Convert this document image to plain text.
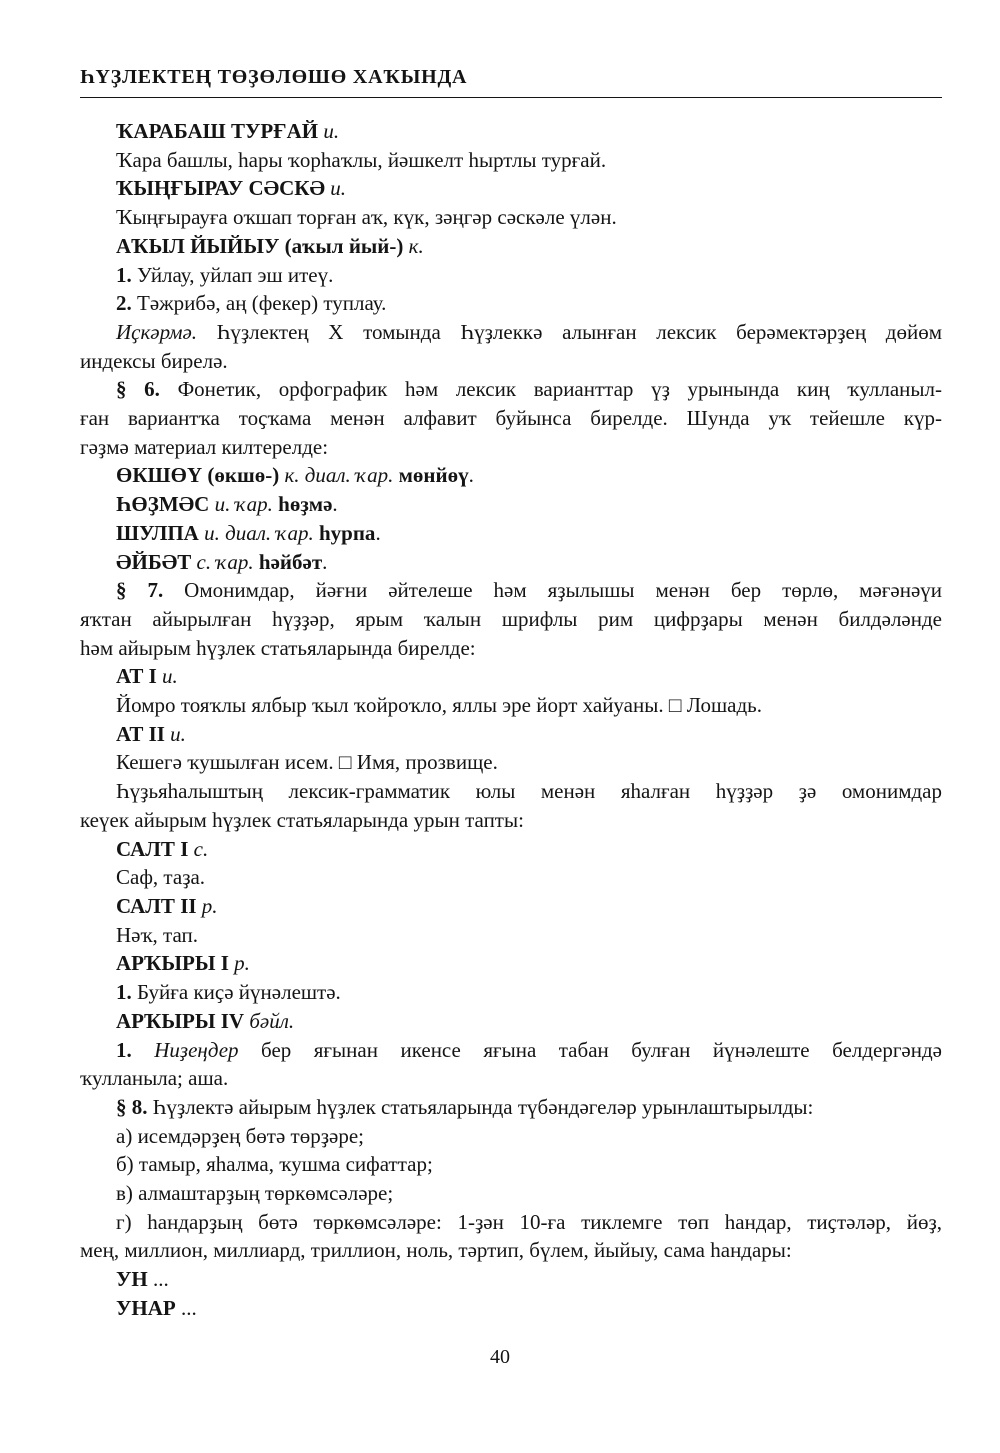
ҺҮҘЛЕКТЕҢ ТӨҘӨЛӨШӨ ХАҠЫНДА
ҠАРАБАШ ТУРҒАЙ и.
Ҡара башлы, һары ҡорһаҡлы, йәшкелт һыртлы турғай.
ҠЫҢҒЫРАУ СӘСКӘ и.
Ҡыңғырауға оҡшап торған аҡ, күк, зәңгәр сәскәле үлән.
АҠЫЛ ЙЫЙЫУ (аҡыл йый-) к.
1. Уйлау, уйлап эш итеү.
2. Тәжрибә, аң (фекер) туплау.
Иҫкәрмә. Һүҙлектең X томында Һүҙлеккә алынған лексик берәмектәрҙең дөйөм
индексы бирелә.
§ 6. Фонетик, орфографик һәм лексик варианттар үҙ урынында киң ҡулланыл-
ған вариантҡа тоҫҡама менән алфавит буйынса бирелде. Шунда уҡ тейешле күр-
гәҙмә материал килтерелде:
ӨКШӨҮ (өкшө-) к. диал. ҡар. мөнйөү.
ҺӨҘМӘС и. ҡар. һөҙмә.
ШУЛПА и. диал. ҡар. һурпа.
ӘЙБӘТ с. ҡар. һәйбәт.
§ 7. Омонимдар, йәғни әйтелеше һәм яҙылышы менән бер төрлө, мәғәнәүи
яҡтан айырылған һүҙҙәр, ярым ҡалын шрифлы рим цифрҙары менән билдәләнде
һәм айырым һүҙлек статьяларында бирелде:
АТ I и.
Йомро тояҡлы ялбыр ҡыл ҡойроҡло, яллы эре йорт хайуаны. □ Лошадь.
АТ II и.
Кешегә ҡушылған исем. □ Имя, прозвище.
Һүҙьяһалыштың лексик-грамматик юлы менән яһалған һүҙҙәр ҙә омонимдар
кеүек айырым һүҙлек статьяларында урын тапты:
САЛТ I с.
Саф, таҙа.
САЛТ II р.
Нәҡ, тап.
АРҠЫРЫ I р.
1. Буйға киҫә йүнәлештә.
АРҠЫРЫ IV бәйл.
1. Ниҙеңдер бер яғынан икенсе яғына табан булған йүнәлеште белдергәндә
ҡулланыла; аша.
§ 8. Һүҙлектә айырым һүҙлек статьяларында түбәндәгеләр урынлаштырылды:
а) исемдәрҙең бөтә төрҙәре;
б) тамыр, яһалма, ҡушма сифаттар;
в) алмаштарҙың төркөмсәләре;
г) һандарҙың бөтә төркөмсәләре: 1-ҙән 10-ға тиклемге төп һандар, тиҫтәләр, йөҙ,
мең, миллион, миллиард, триллион, ноль, тәртип, бүлем, йыйыу, сама һандары:
УН ...
УНАР ...
40
